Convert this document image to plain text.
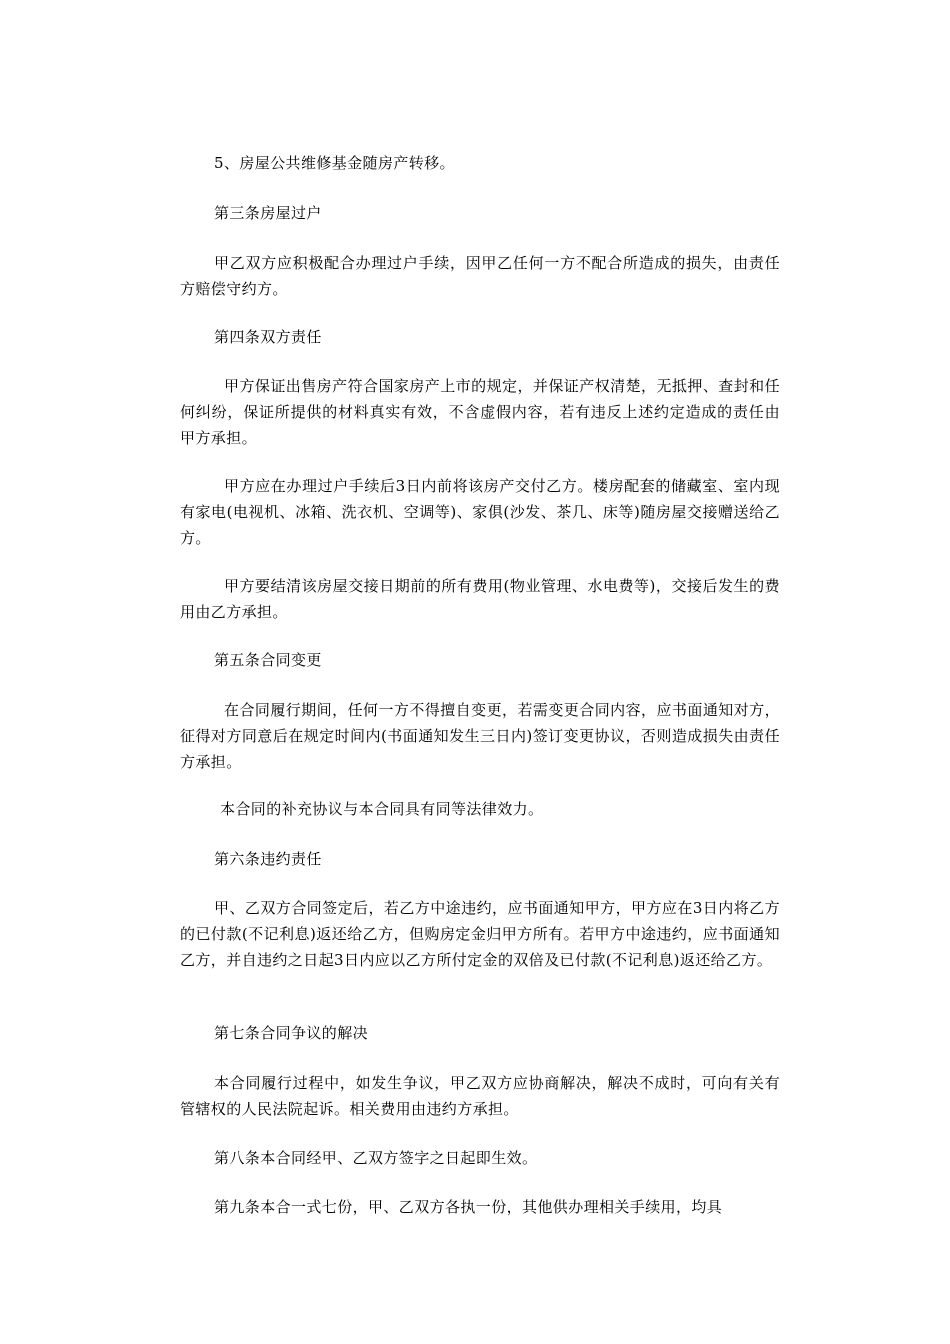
5、房屋公共维修基金随房产转移。

第三条房屋过户

甲乙双方应积极配合办理过户手续，因甲乙任何一方不配合所造成的损失，由责任方赔偿守约方。

第四条双方责任

甲方保证出售房产符合国家房产上市的规定，并保证产权清楚，无抵押、查封和任何纠纷，保证所提供的材料真实有效，不含虚假内容，若有违反上述约定造成的责任由甲方承担。

甲方应在办理过户手续后3日内前将该房产交付乙方。楼房配套的储藏室、室内现有家电(电视机、冰箱、洗衣机、空调等)、家俱(沙发、茶几、床等)随房屋交接赠送给乙方。

甲方要结清该房屋交接日期前的所有费用(物业管理、水电费等)，交接后发生的费用由乙方承担。

第五条合同变更

在合同履行期间，任何一方不得擅自变更，若需变更合同内容，应书面通知对方，征得对方同意后在规定时间内(书面通知发生三日内)签订变更协议，否则造成损失由责任方承担。

本合同的补充协议与本合同具有同等法律效力。

第六条违约责任

甲、乙双方合同签定后，若乙方中途违约，应书面通知甲方，甲方应在3日内将乙方的已付款(不记利息)返还给乙方，但购房定金归甲方所有。若甲方中途违约，应书面通知乙方，并自违约之日起3日内应以乙方所付定金的双倍及已付款(不记利息)返还给乙方。

第七条合同争议的解决

本合同履行过程中，如发生争议，甲乙双方应协商解决，解决不成时，可向有关有管辖权的人民法院起诉。相关费用由违约方承担。

第八条本合同经甲、乙双方签字之日起即生效。

第九条本合一式七份，甲、乙双方各执一份，其他供办理相关手续用，均具
